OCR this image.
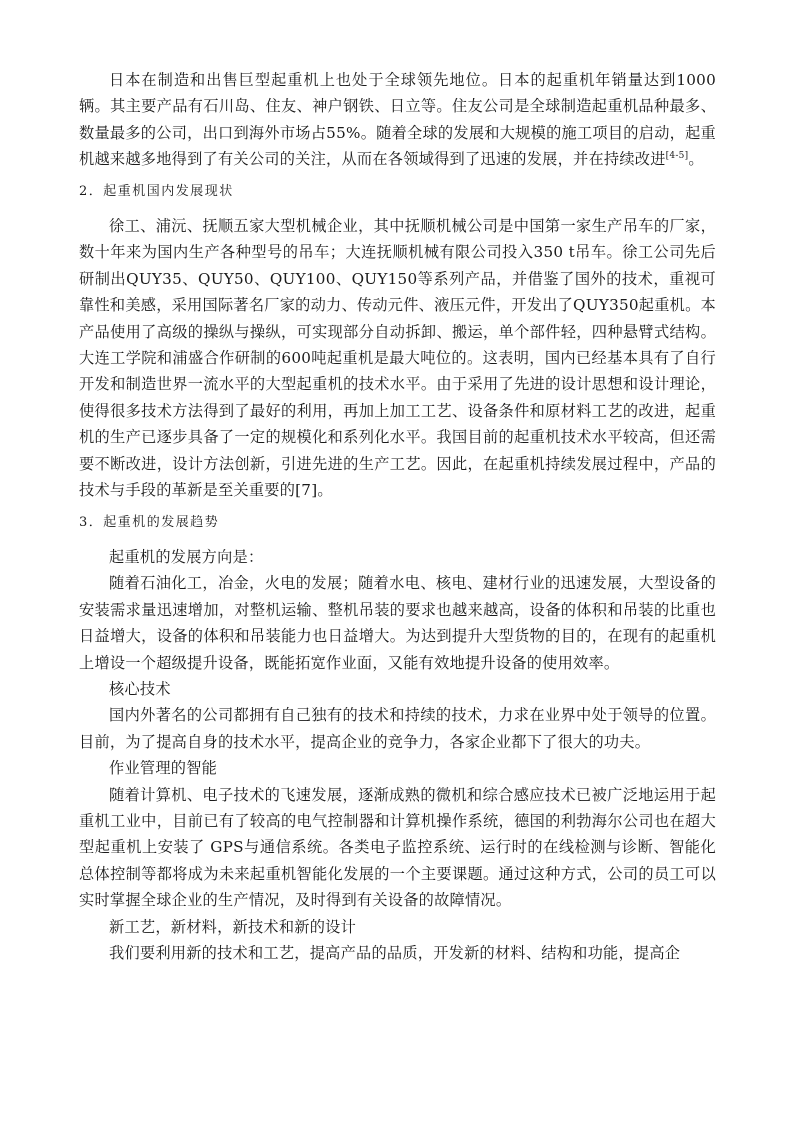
日本在制造和出售巨型起重机上也处于全球领先地位。日本的起重机年销量达到1000辆。其主要产品有石川岛、住友、神户钢铁、日立等。住友公司是全球制造起重机品种最多、数量最多的公司，出口到海外市场占55%。随着全球的发展和大规模的施工项目的启动，起重机越来越多地得到了有关公司的关注，从而在各领域得到了迅速的发展，并在持续改进[4-5]。

2．起重机国内发展现状

徐工、浦沅、抚顺五家大型机械企业，其中抚顺机械公司是中国第一家生产吊车的厂家，数十年来为国内生产各种型号的吊车；大连抚顺机械有限公司投入350 t吊车。徐工公司先后研制出QUY35、QUY50、QUY100、QUY150等系列产品，并借鉴了国外的技术，重视可靠性和美感，采用国际著名厂家的动力、传动元件、液压元件，开发出了QUY350起重机。本产品使用了高级的操纵与操纵，可实现部分自动拆卸、搬运，单个部件轻，四种悬臂式结构。大连工学院和浦盛合作研制的600吨起重机是最大吨位的。这表明，国内已经基本具有了自行开发和制造世界一流水平的大型起重机的技术水平。由于采用了先进的设计思想和设计理论，使得很多技术方法得到了最好的利用，再加上加工工艺、设备条件和原材料工艺的改进，起重机的生产已逐步具备了一定的规模化和系列化水平。我国目前的起重机技术水平较高，但还需要不断改进，设计方法创新，引进先进的生产工艺。因此，在起重机持续发展过程中，产品的技术与手段的革新是至关重要的[7]。

3．起重机的发展趋势

起重机的发展方向是：

随着石油化工，冶金，火电的发展；随着水电、核电、建材行业的迅速发展，大型设备的安装需求量迅速增加，对整机运输、整机吊装的要求也越来越高，设备的体积和吊装的比重也日益增大，设备的体积和吊装能力也日益增大。为达到提升大型货物的目的，在现有的起重机上增设一个超级提升设备，既能拓宽作业面，又能有效地提升设备的使用效率。

核心技术

国内外著名的公司都拥有自己独有的技术和持续的技术，力求在业界中处于领导的位置。目前，为了提高自身的技术水平，提高企业的竞争力，各家企业都下了很大的功夫。

作业管理的智能

随着计算机、电子技术的飞速发展，逐渐成熟的微机和综合感应技术已被广泛地运用于起重机工业中，目前已有了较高的电气控制器和计算机操作系统，德国的利勃海尔公司也在超大型起重机上安装了 GPS与通信系统。各类电子监控系统、运行时的在线检测与诊断、智能化总体控制等都将成为未来起重机智能化发展的一个主要课题。通过这种方式，公司的员工可以实时掌握全球企业的生产情况，及时得到有关设备的故障情况。

新工艺，新材料，新技术和新的设计

我们要利用新的技术和工艺，提高产品的品质，开发新的材料、结构和功能，提高企
